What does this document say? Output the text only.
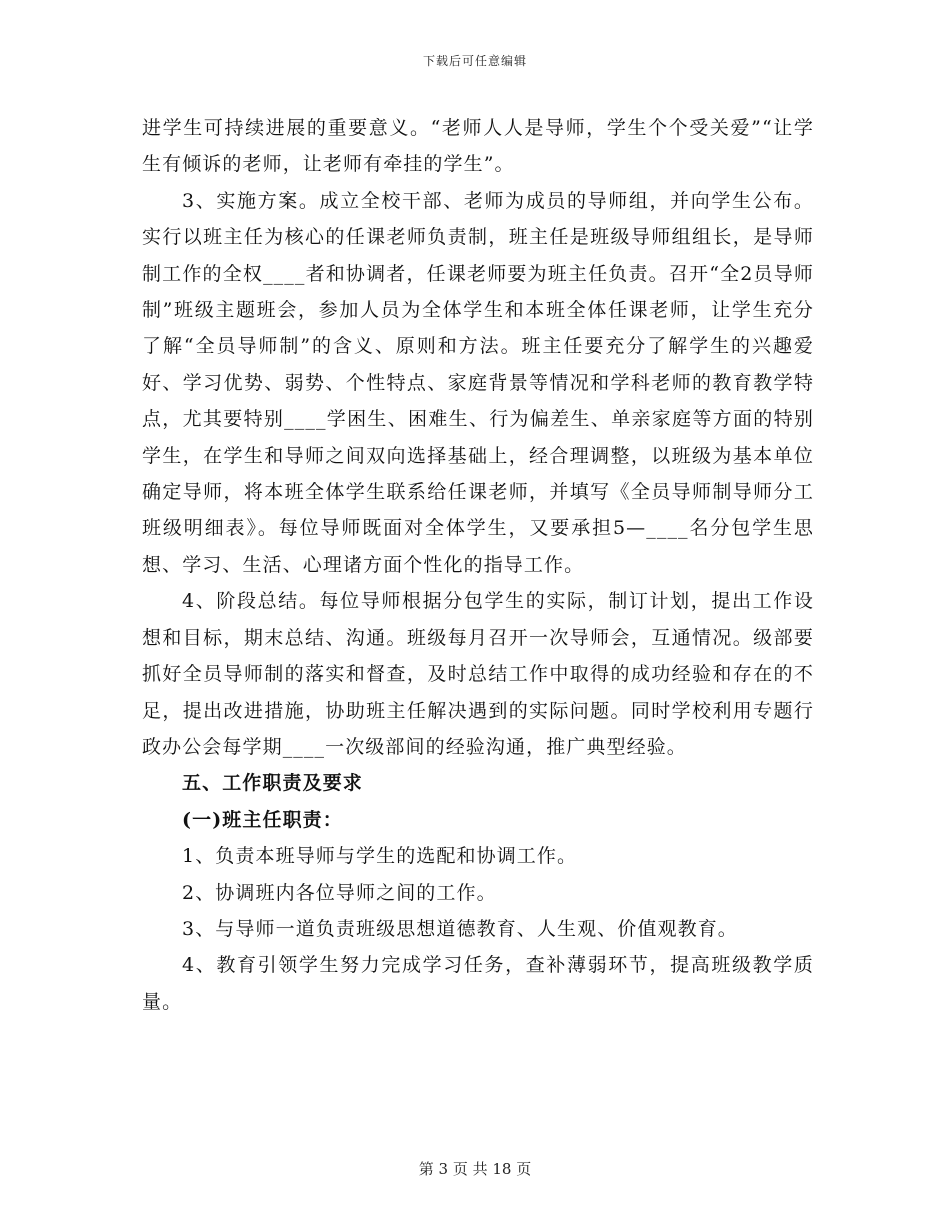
下载后可任意编辑

进学生可持续进展的重要意义。“老师人人是导师，学生个个受关爱”“让学生有倾诉的老师，让老师有牵挂的学生”。

3、实施方案。成立全校干部、老师为成员的导师组，并向学生公布。实行以班主任为核心的任课老师负责制，班主任是班级导师组组长，是导师制工作的全权____者和协调者，任课老师要为班主任负责。召开“全2员导师制”班级主题班会，参加人员为全体学生和本班全体任课老师，让学生充分了解“全员导师制”的含义、原则和方法。班主任要充分了解学生的兴趣爱好、学习优势、弱势、个性特点、家庭背景等情况和学科老师的教育教学特点，尤其要特别____学困生、困难生、行为偏差生、单亲家庭等方面的特别学生，在学生和导师之间双向选择基础上，经合理调整，以班级为基本单位确定导师，将本班全体学生联系给任课老师，并填写《全员导师制导师分工班级明细表》。每位导师既面对全体学生，又要承担5—____名分包学生思想、学习、生活、心理诸方面个性化的指导工作。

4、阶段总结。每位导师根据分包学生的实际，制订计划，提出工作设想和目标，期末总结、沟通。班级每月召开一次导师会，互通情况。级部要抓好全员导师制的落实和督查，及时总结工作中取得的成功经验和存在的不足，提出改进措施，协助班主任解决遇到的实际问题。同时学校利用专题行政办公会每学期____一次级部间的经验沟通，推广典型经验。

五、工作职责及要求

(一)班主任职责：

1、负责本班导师与学生的选配和协调工作。

2、协调班内各位导师之间的工作。

3、与导师一道负责班级思想道德教育、人生观、价值观教育。

4、教育引领学生努力完成学习任务，查补薄弱环节，提高班级教学质量。

第 3 页 共 18 页
